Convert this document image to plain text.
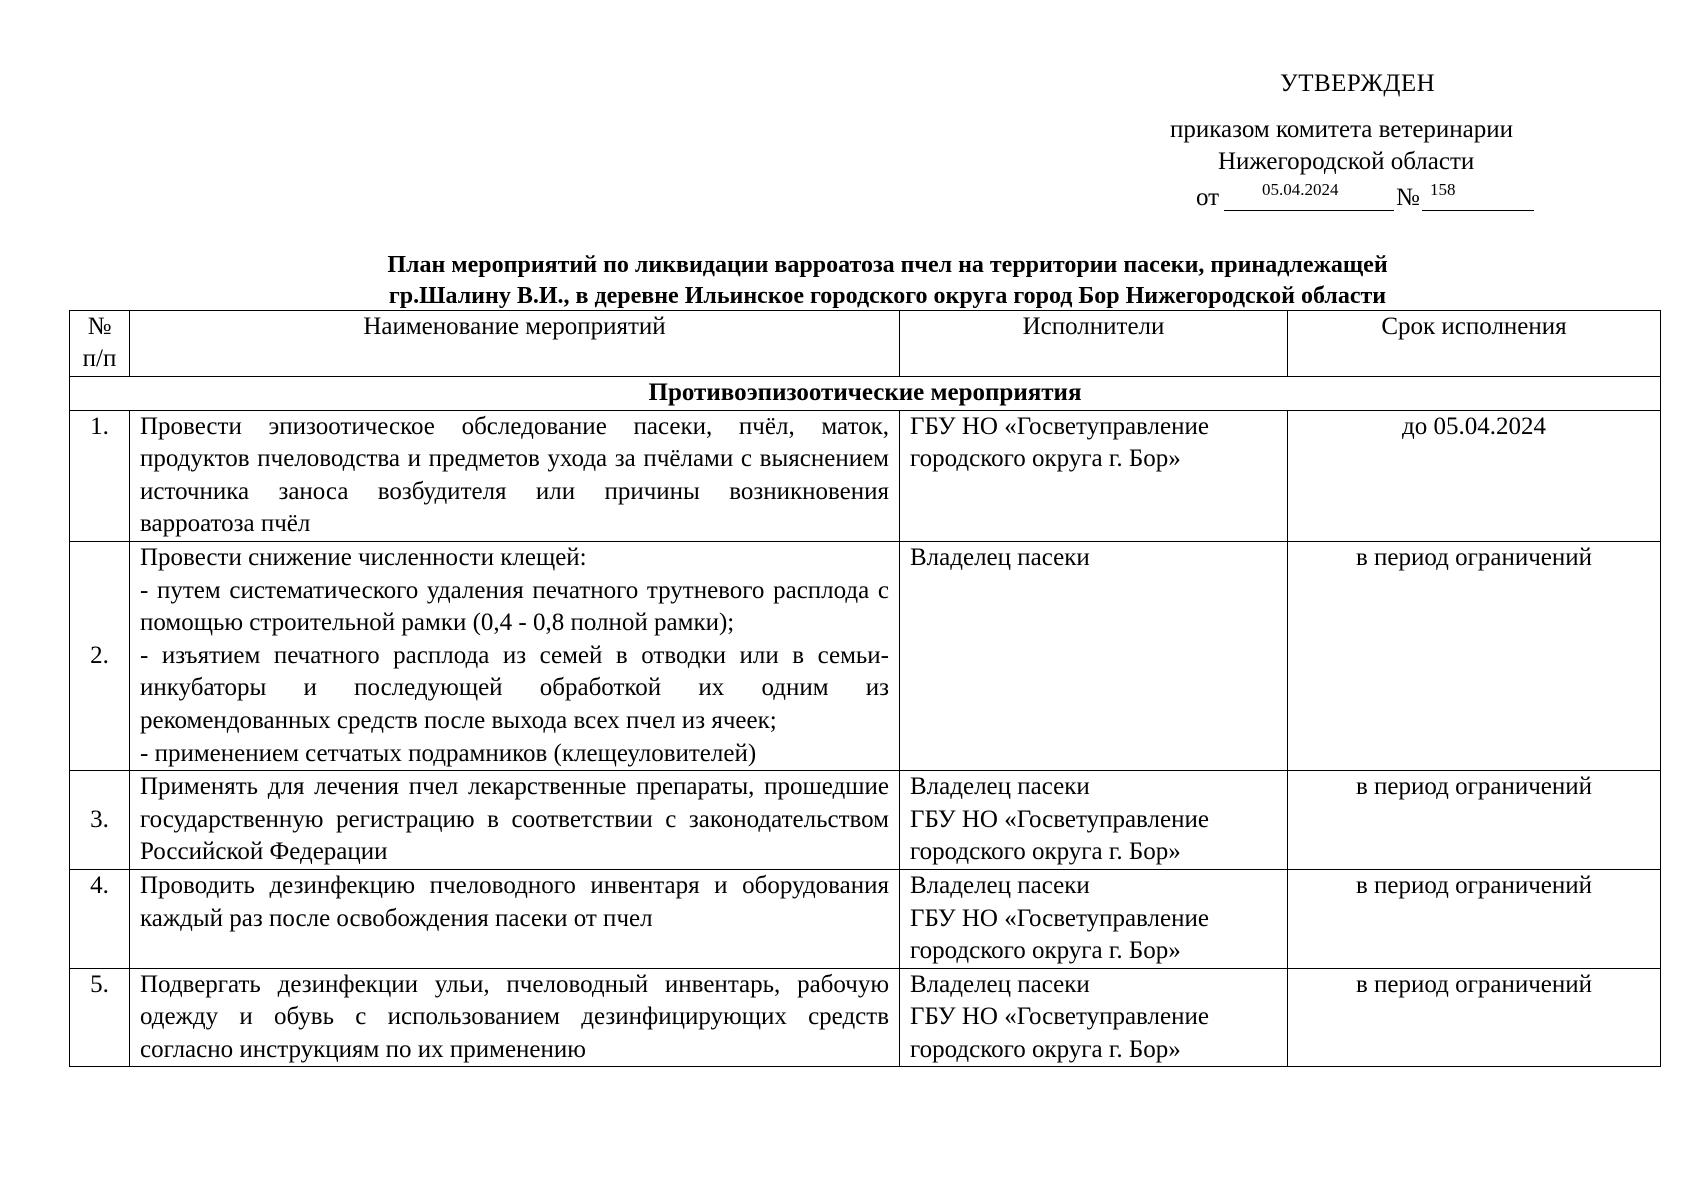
УТВЕРЖДЕН
приказом комитета ветеринарии
Нижегородской области
от	05.04.2024 № 158
План мероприятий по ликвидации варроатоза пчел на территории пасеки, принадлежащей
гр.Шалину В.И., в деревне Ильинское городского округа город Бор Нижегородской области
№
п/п	Наименование мероприятий	Исполнители	Срок исполнения
Противоэпизоотические мероприятия			
1.	Провести эпизоотическое обследование пасеки, пчёл, маток, продуктов пчеловодства и предметов ухода за пчёлами с выяснением источника заноса возбудителя или причины возникновения варроатоза пчёл	ГБУ НО «Госветуправление городского округа г. Бор»	до 05.04.2024
2.	Провести снижение численности клещей:
- путем систематического удаления печатного трутневого расплода с помощью строительной рамки (0,4 - 0,8 полной рамки);
- изъятием печатного расплода из семей в отводки или в семьи-инкубаторы и последующей обработкой их одним из рекомендованных средств после выхода всех пчел из ячеек;
- применением сетчатых подрамников (клещеуловителей)	Владелец пасеки	в период ограничений
3.	Применять для лечения пчел лекарственные препараты, прошедшие государственную регистрацию в соответствии с законодательством Российской Федерации	Владелец пасеки
ГБУ НО «Госветуправление городского округа г. Бор»	в период ограничений
4.	Проводить дезинфекцию пчеловодного инвентаря и оборудования каждый раз после освобождения пасеки от пчел	Владелец пасеки
ГБУ НО «Госветуправление городского округа г. Бор»	в период ограничений
5.	Подвергать дезинфекции ульи, пчеловодный инвентарь, рабочую одежду и обувь с использованием дезинфицирующих средств согласно инструкциям по их применению	Владелец пасеки
ГБУ НО «Госветуправление городского округа г. Бор»	в период ограничений
